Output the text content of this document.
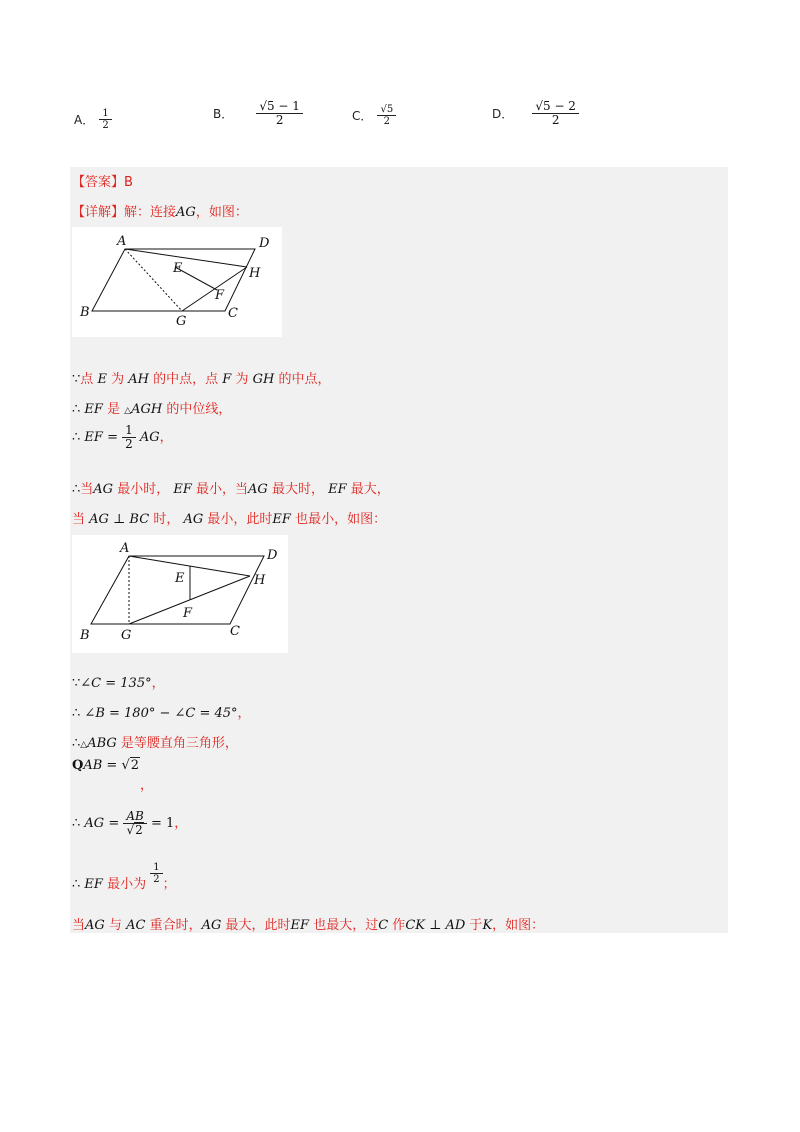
A． $\frac{1}{2}$	B． $\frac{√5 - 1}{2}$	C． $\frac{√5}{2}$	D． $\frac{√5 - 2}{2}$
【答案】B
【详解】解：连接AG，如图：
A	D
E	H
F
B
G
C
∵点 E 为 AH 的中点，点 F 为 GH 的中点，
∴ EF 是 △AGH 的中位线，
∴ EF = $\frac{1}{2}$ AG，
∴当AG 最小时， EF 最小，当AG 最大时， EF 最大，
当 AG ⊥ BC 时， AG 最小，此时EF 也最小，如图：
A	D
E	H
F
B G	C
∵∠C = 135°，
∴ ∠B = 180° − ∠C = 45°，
∴△ABG 是等腰直角三角形，
QAB = √2
，
∴ AG = $\frac{AB}{√2} = 1$，
∴ EF 最小为 $\frac{1}{2}$ ；
当AG 与 AC 重合时，AG 最大，此时EF 也最大，过C 作CK ⊥ AD 于K，如图：
